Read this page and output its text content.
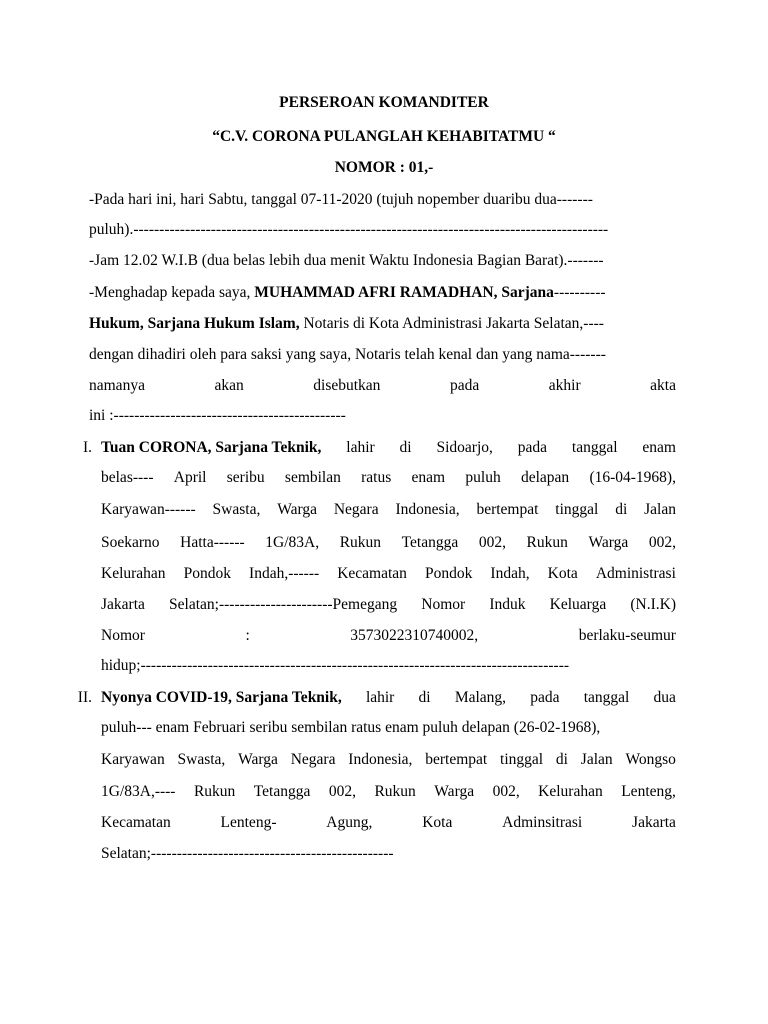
PERSEROAN KOMANDITER
“C.V. CORONA PULANGLAH KEHABITATMU “
NOMOR : 01,-
-Pada hari ini, hari Sabtu, tanggal 07-11-2020 (tujuh nopember duaribu dua-------
puluh).--------------------------------------------------------------------------------------------
-Jam 12.02 W.I.B (dua belas lebih dua menit Waktu Indonesia Bagian Barat).-------
-Menghadap kepada saya, MUHAMMAD AFRI RAMADHAN, Sarjana----------
Hukum, Sarjana Hukum Islam, Notaris di Kota Administrasi Jakarta Selatan,----
dengan dihadiri oleh para saksi yang saya, Notaris telah kenal dan yang nama-------
namanya	akan	disebutkan	pada	akhir	akta
ini :---------------------------------------------
I. Tuan CORONA, Sarjana Teknik, lahir di Sidoarjo, pada tanggal enam
belas---- April seribu sembilan ratus enam puluh delapan (16-04-1968),
Karyawan------ Swasta, Warga Negara Indonesia, bertempat tinggal di Jalan
Soekarno Hatta------ 1G/83A, Rukun Tetangga 002, Rukun Warga 002,
Kelurahan Pondok Indah,------ Kecamatan Pondok Indah, Kota Administrasi
Jakarta Selatan;----------------------Pemegang Nomor Induk Keluarga (N.I.K)
Nomor	:	3573022310740002,	berlaku-seumur
hidup;-----------------------------------------------------------------------------------
II. Nyonya COVID-19, Sarjana Teknik, lahir di Malang, pada tanggal dua
puluh--- enam Februari seribu sembilan ratus enam puluh delapan (26-02-1968),
Karyawan Swasta, Warga Negara Indonesia, bertempat tinggal di Jalan Wongso
1G/83A,---- Rukun Tetangga 002, Rukun Warga 002, Kelurahan Lenteng,
Kecamatan	Lenteng-	Agung,	Kota	Adminsitrasi	Jakarta
Selatan;-----------------------------------------------
